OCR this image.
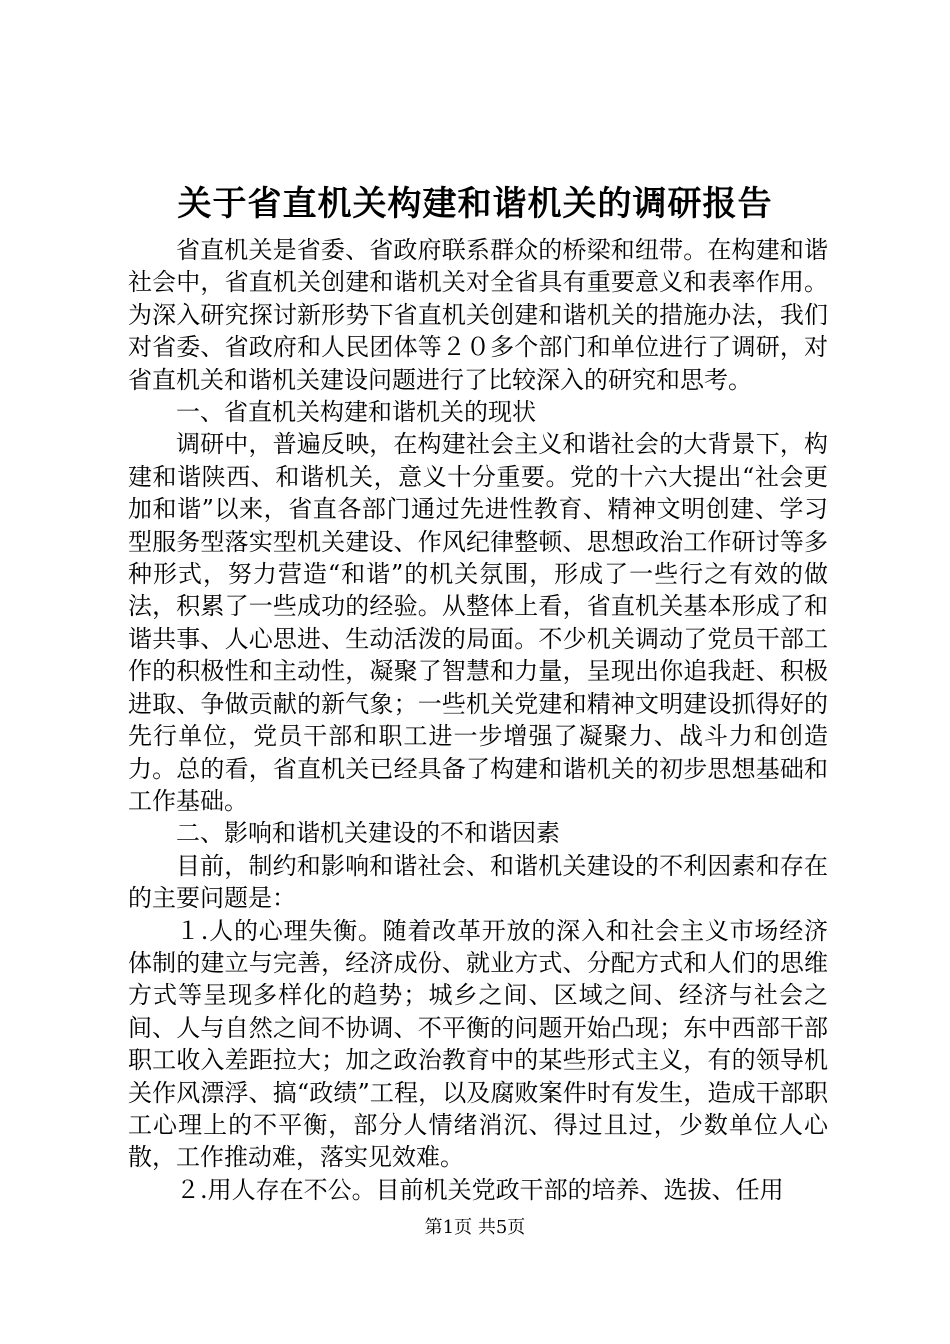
关于省直机关构建和谐机关的调研报告

省直机关是省委、省政府联系群众的桥梁和纽带。在构建和谐社会中，省直机关创建和谐机关对全省具有重要意义和表率作用。为深入研究探讨新形势下省直机关创建和谐机关的措施办法，我们对省委、省政府和人民团体等２０多个部门和单位进行了调研，对省直机关和谐机关建设问题进行了比较深入的研究和思考。

一、省直机关构建和谐机关的现状

调研中，普遍反映，在构建社会主义和谐社会的大背景下，构建和谐陕西、和谐机关，意义十分重要。党的十六大提出“社会更加和谐”以来，省直各部门通过先进性教育、精神文明创建、学习型服务型落实型机关建设、作风纪律整顿、思想政治工作研讨等多种形式，努力营造“和谐”的机关氛围，形成了一些行之有效的做法，积累了一些成功的经验。从整体上看，省直机关基本形成了和谐共事、人心思进、生动活泼的局面。不少机关调动了党员干部工作的积极性和主动性，凝聚了智慧和力量，呈现出你追我赶、积极进取、争做贡献的新气象；一些机关党建和精神文明建设抓得好的先行单位，党员干部和职工进一步增强了凝聚力、战斗力和创造力。总的看，省直机关已经具备了构建和谐机关的初步思想基础和工作基础。

二、影响和谐机关建设的不和谐因素

目前，制约和影响和谐社会、和谐机关建设的不利因素和存在的主要问题是：

１.人的心理失衡。随着改革开放的深入和社会主义市场经济体制的建立与完善，经济成份、就业方式、分配方式和人们的思维方式等呈现多样化的趋势；城乡之间、区域之间、经济与社会之间、人与自然之间不协调、不平衡的问题开始凸现；东中西部干部职工收入差距拉大；加之政治教育中的某些形式主义，有的领导机关作风漂浮、搞“政绩”工程，以及腐败案件时有发生，造成干部职工心理上的不平衡，部分人情绪消沉、得过且过，少数单位人心散，工作推动难，落实见效难。

２.用人存在不公。目前机关党政干部的培养、选拔、任用

第1页 共5页
